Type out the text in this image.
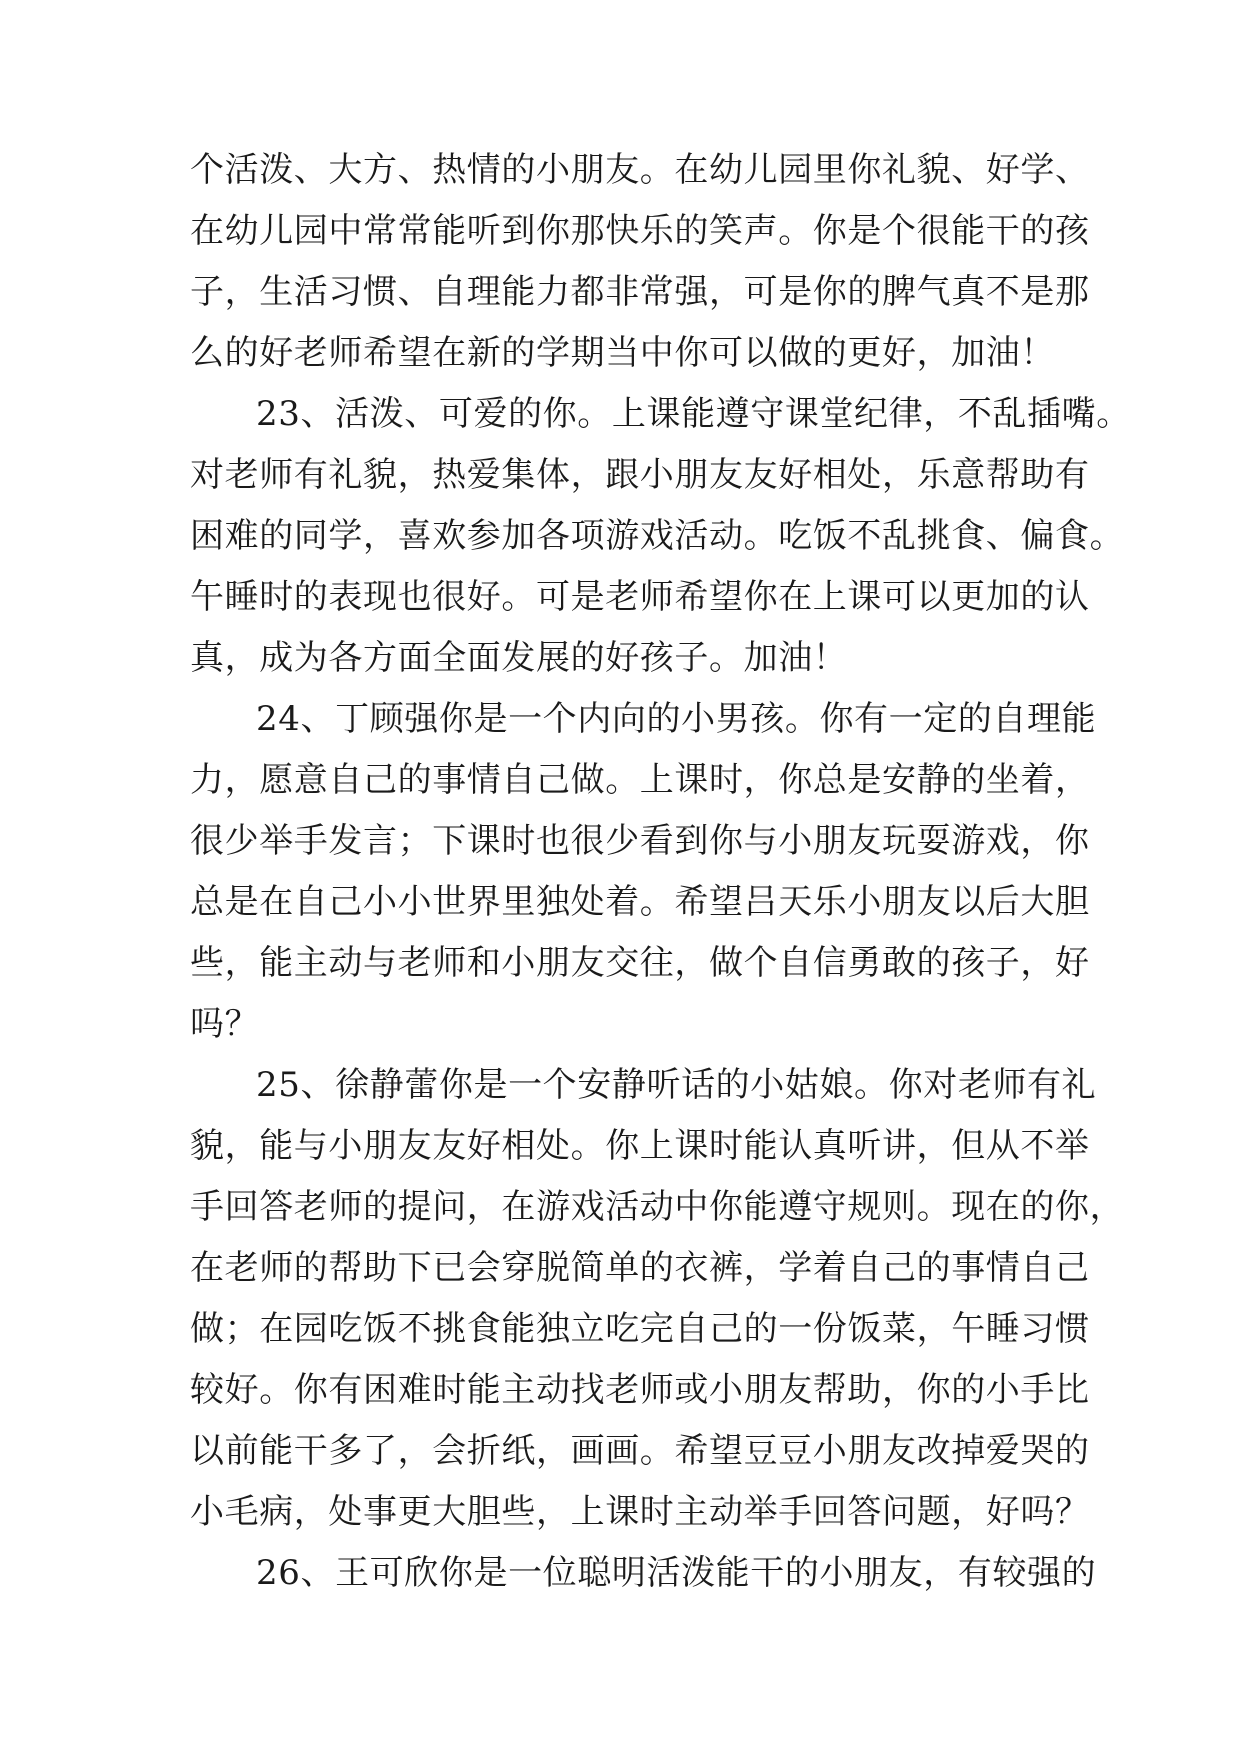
个活泼、大方、热情的小朋友。在幼儿园里你礼貌、好学、
在幼儿园中常常能听到你那快乐的笑声。你是个很能干的孩
子，生活习惯、自理能力都非常强，可是你的脾气真不是那
么的好老师希望在新的学期当中你可以做的更好，加油！
23、活泼、可爱的你。上课能遵守课堂纪律，不乱插嘴。
对老师有礼貌，热爱集体，跟小朋友友好相处，乐意帮助有
困难的同学，喜欢参加各项游戏活动。吃饭不乱挑食、偏食。
午睡时的表现也很好。可是老师希望你在上课可以更加的认
真，成为各方面全面发展的好孩子。加油！
24、丁顾强你是一个内向的小男孩。你有一定的自理能
力，愿意自己的事情自己做。上课时，你总是安静的坐着，
很少举手发言；下课时也很少看到你与小朋友玩耍游戏，你
总是在自己小小世界里独处着。希望吕天乐小朋友以后大胆
些，能主动与老师和小朋友交往，做个自信勇敢的孩子，好
吗？
25、徐静蕾你是一个安静听话的小姑娘。你对老师有礼
貌，能与小朋友友好相处。你上课时能认真听讲，但从不举
手回答老师的提问，在游戏活动中你能遵守规则。现在的你，
在老师的帮助下已会穿脱简单的衣裤，学着自己的事情自己
做；在园吃饭不挑食能独立吃完自己的一份饭菜，午睡习惯
较好。你有困难时能主动找老师或小朋友帮助，你的小手比
以前能干多了，会折纸，画画。希望豆豆小朋友改掉爱哭的
小毛病，处事更大胆些，上课时主动举手回答问题，好吗？
26、王可欣你是一位聪明活泼能干的小朋友，有较强的
